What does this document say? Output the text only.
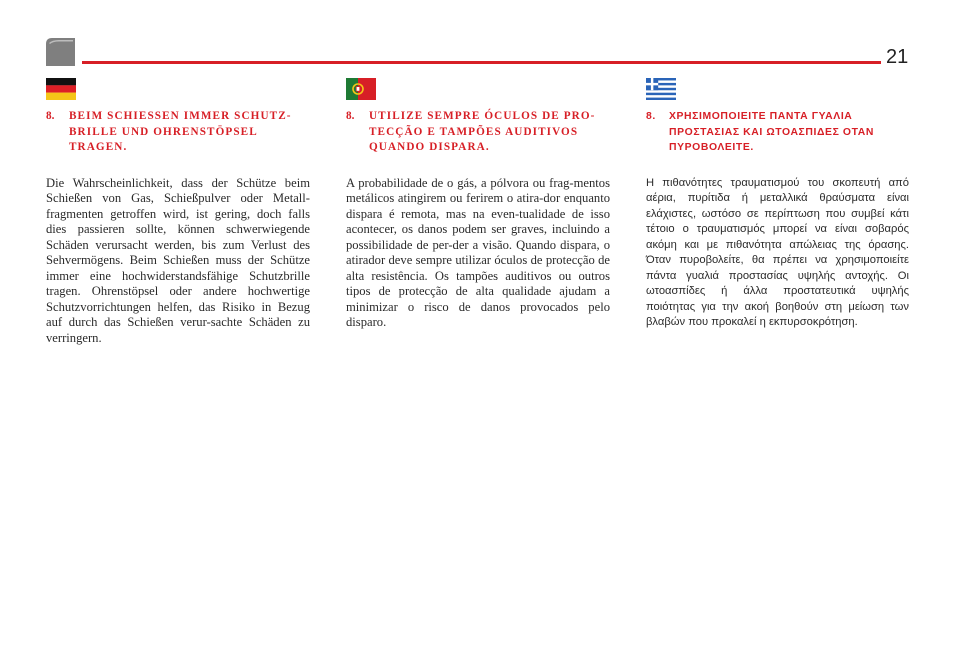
21
8. BEIM SCHIESSEN IMMER SCHUTZ-BRILLE UND OHRENSTÖPSEL TRAGEN.
Die Wahrscheinlichkeit, dass der Schütze beim Schießen von Gas, Schießpulver oder Metall-fragmenten getroffen wird, ist gering, doch falls dies passieren sollte, können schwerwiegende Schäden verursacht werden, bis zum Verlust des Sehvermögens. Beim Schießen muss der Schütze immer eine hochwiderstandsfähige Schutzbrille tragen. Ohrenstöpsel oder andere hochwertige Schutzvorrichtungen helfen, das Risiko in Bezug auf durch das Schießen verur-sachte Schäden zu verringern.
8. UTILIZE SEMPRE ÓCULOS DE PRO-TECÇÃO E TAMPÕES AUDITIVOS QUANDO DISPARA.
A probabilidade de o gás, a pólvora ou frag-mentos metálicos atingirem ou ferirem o atira-dor enquanto dispara é remota, mas na even-tualidade de isso acontecer, os danos podem ser graves, incluindo a possibilidade de per-der a visão. Quando dispara, o atirador deve sempre utilizar óculos de protecção de alta resistência. Os tampões auditivos ou outros tipos de protecção de alta qualidade ajudam a minimizar o risco de danos provocados pelo disparo.
8. ΧΡΗΣΙΜΟΠΟΙΕΙΤΕ ΠΑΝΤΑ ΓΥΑΛΙΑ ΠΡΟΣΤΑΣΙΑΣ ΚΑΙ ΩΤΟΑΣΠΙΔΕΣ ΟΤΑΝ ΠΥΡΟΒΟΛΕΙΤΕ.
Η πιθανότητες τραυματισμού του σκοπευτή από αέρια, πυρίτιδα ή μεταλλικά θραύσματα είναι ελάχιστες, ωστόσο σε περίπτωση που συμβεί κάτι τέτοιο ο τραυματισμός μπορεί να είναι σοβαρός ακόμη και με πιθανότητα απώλειας της όρασης. Όταν πυροβολείτε, θα πρέπει να χρησιμοποιείτε πάντα γυαλιά προστασίας υψηλής αντοχής. Οι ωτοασπίδες ή άλλα προστατευτικά υψηλής ποιότητας για την ακοή βοηθούν στη μείωση των βλαβών που προκαλεί η εκπυρσοκρότηση.
